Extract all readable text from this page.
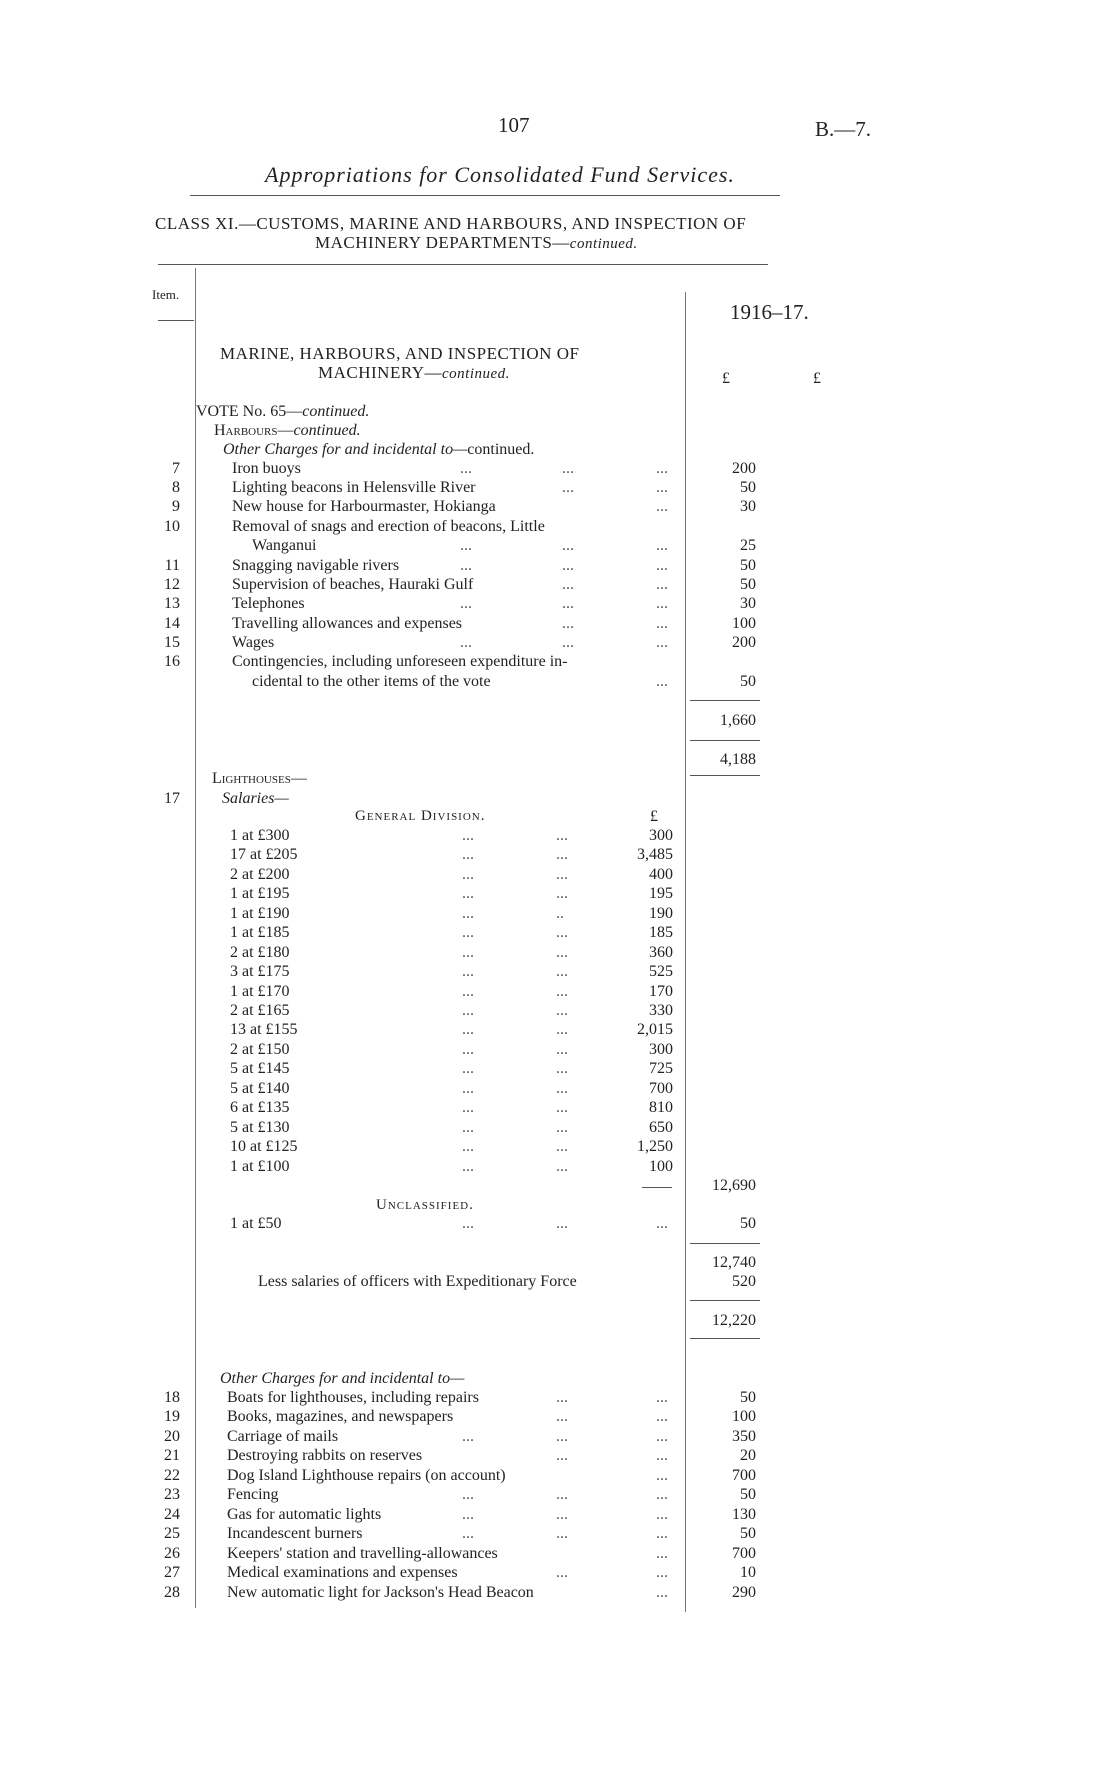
107	B.—7.
Appropriations for Consolidated Fund Services.
CLASS XI.—CUSTOMS, MARINE AND HARBOURS, AND INSPECTION OF
MACHINERY DEPARTMENTS—continued.
Item.
1916–17.
£	£
MARINE, HARBOURS, AND INSPECTION OF
MACHINERY—continued.
VOTE No. 65—continued.
Harbours—continued.
Other Charges for and incidental to—continued.
7	Iron buoys	...	...	...	200
8	Lighting beacons in Helensville River	...	...	50
9	New house for Harbourmaster, Hokianga	...	30
10	Removal of snags and erection of beacons, Little
Wanganui	...	...	...	25
11	Snagging navigable rivers	...	...	...	50
12	Supervision of beaches, Hauraki Gulf	...	...	50
13	Telephones	...	...	...	30
14	Travelling allowances and expenses	...	...	100
15	Wages	...	...	...	200
16	Contingencies, including unforeseen expenditure in-
cidental to the other items of the vote	...	50
1,660
4,188
Lighthouses—
17	Salaries—
General Division.	£
1 at £300	...	...	300
17 at £205	...	...	3,485
2 at £200	...	...	400
1 at £195	...	...	195
1 at £190	...	..	190
1 at £185	...	...	185
2 at £180	...	...	360
3 at £175	...	...	525
1 at £170	...	...	170
2 at £165	...	...	330
13 at £155	...	...	2,015
2 at £150	...	...	300
5 at £145	...	...	725
5 at £140	...	...	700
6 at £135	...	...	810
5 at £130	...	...	650
10 at £125	...	...	1,250
1 at £100	...	...	100
12,690
Unclassified.
1 at £50	...	...	...	50
12,740
Less salaries of officers with Expeditionary Force	520
12,220
Other Charges for and incidental to—
18	Boats for lighthouses, including repairs	...	...	50
19	Books, magazines, and newspapers	...	...	100
20	Carriage of mails	...	...	...	350
21	Destroying rabbits on reserves	...	...	20
22	Dog Island Lighthouse repairs (on account)	...	700
23	Fencing	...	...	...	50
24	Gas for automatic lights	...	...	...	130
25	Incandescent burners	...	...	...	50
26	Keepers' station and travelling-allowances	...	700
27	Medical examinations and expenses	...	...	10
28	New automatic light for Jackson's Head Beacon	...	290
